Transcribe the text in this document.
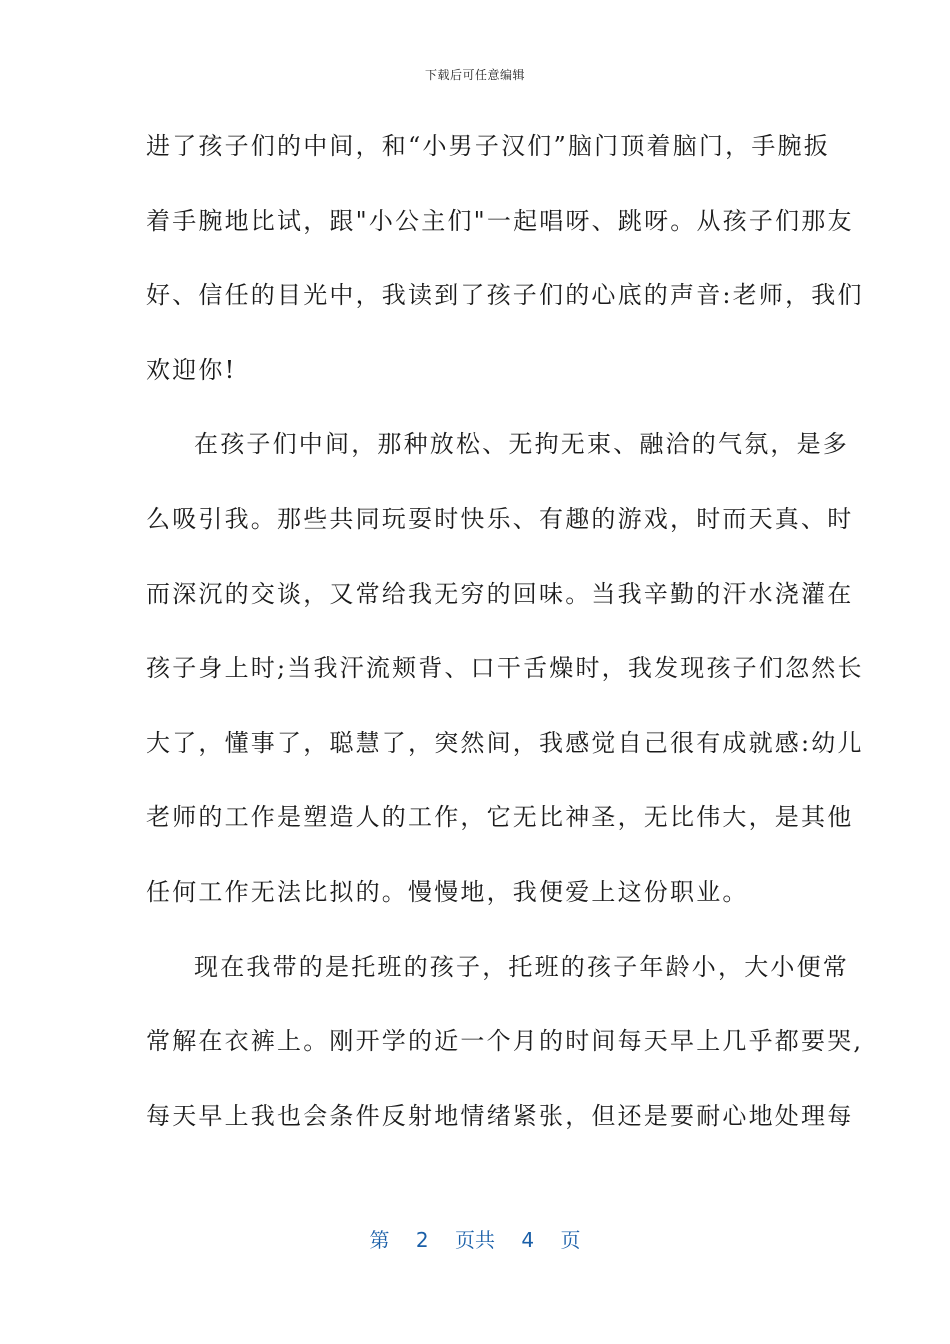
下载后可任意编辑
进了孩子们的中间，和“小男子汉们”脑门顶着脑门，手腕扳
着手腕地比试，跟"小公主们"一起唱呀、跳呀。从孩子们那友
好、信任的目光中，我读到了孩子们的心底的声音:老师，我们
欢迎你!
在孩子们中间，那种放松、无拘无束、融洽的气氛，是多
么吸引我。那些共同玩耍时快乐、有趣的游戏，时而天真、时
而深沉的交谈，又常给我无穷的回味。当我辛勤的汗水浇灌在
孩子身上时;当我汗流颊背、口干舌燥时，我发现孩子们忽然长
大了，懂事了，聪慧了，突然间，我感觉自己很有成就感:幼儿
老师的工作是塑造人的工作，它无比神圣，无比伟大，是其他
任何工作无法比拟的。慢慢地，我便爱上这份职业。
现在我带的是托班的孩子，托班的孩子年龄小，大小便常
常解在衣裤上。刚开学的近一个月的时间每天早上几乎都要哭,
每天早上我也会条件反射地情绪紧张，但还是要耐心地处理每
第 2 页共 4 页
